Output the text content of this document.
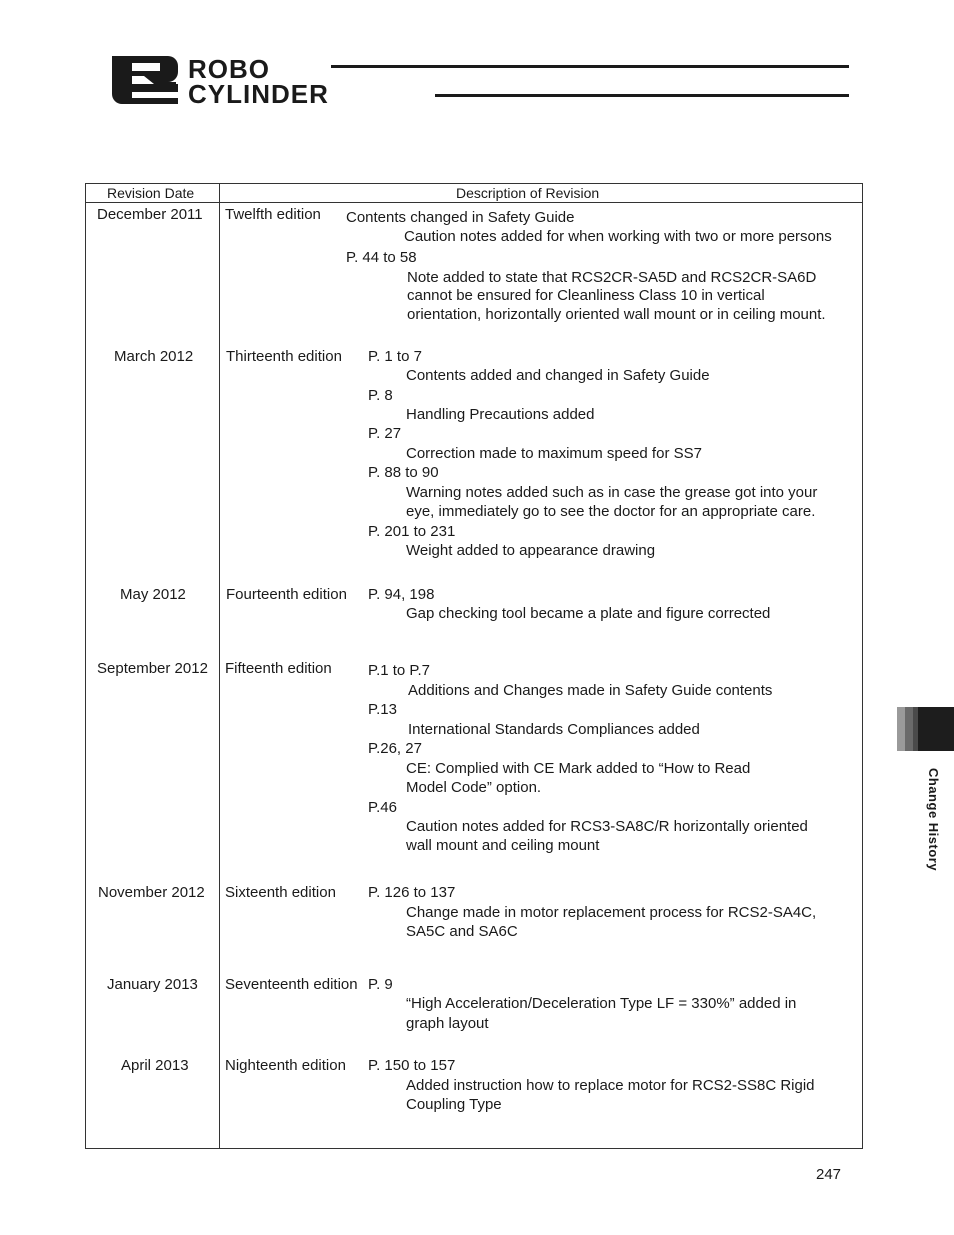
ROBO
CYLINDER
Revision Date	Description of Revision
December 2011 Twelfth edition Contents changed in Safety Guide
Caution notes added for when working with two or more persons
P. 44 to 58
Note added to state that RCS2CR-SA5D and RCS2CR-SA6D
cannot be ensured for Cleanliness Class 10 in vertical
orientation, horizontally oriented wall mount or in ceiling mount.
March 2012 Thirteenth edition P. 1 to 7
Contents added and changed in Safety Guide
P. 8
Handling Precautions added
P. 27
Correction made to maximum speed for SS7
P. 88 to 90
Warning notes added such as in case the grease got into your
eye, immediately go to see the doctor for an appropriate care.
P. 201 to 231
Weight added to appearance drawing
May 2012	Fourteenth edition P. 94, 198
Gap checking tool became a plate and figure corrected
September 2012 Fifteenth edition P.1 to P.7
Additions and Changes made in Safety Guide contents
P.13
International Standards Compliances added
P.26, 27
CE: Complied with CE Mark added to “How to Read
Model Code” option.
P.46
Caution notes added for RCS3-SA8C/R horizontally oriented
wall mount and ceiling mount
November 2012 Sixteenth edition P. 126 to 137
Change made in motor replacement process for RCS2-SA4C,
SA5C and SA6C
January 2013 Seventeenth edition P. 9
“High Acceleration/Deceleration Type LF = 330%” added in
graph layout
April 2013 Nighteenth edition P. 150 to 157
Added instruction how to replace motor for RCS2-SS8C Rigid
Coupling Type
Change History
247
